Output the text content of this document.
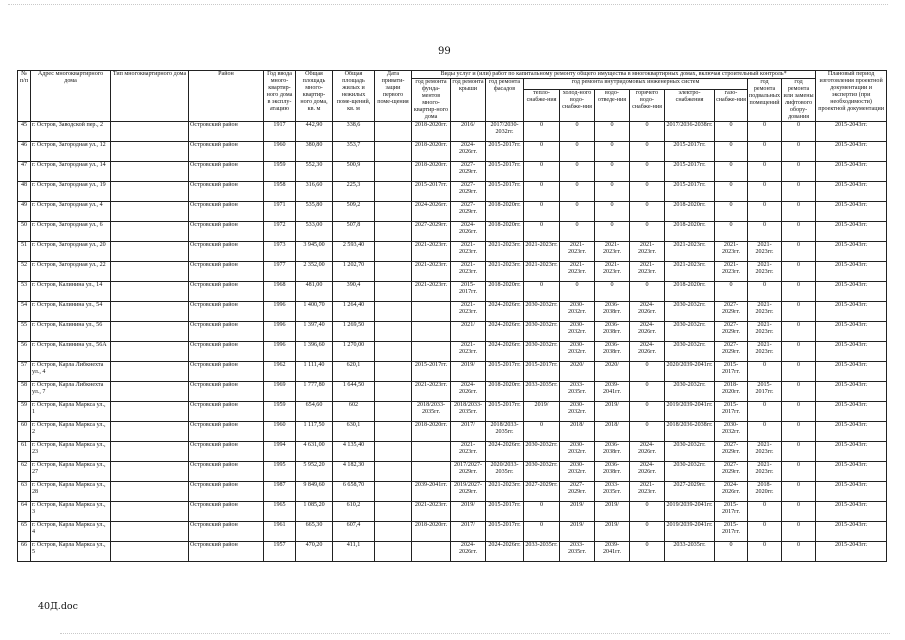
99
№ п/п	Адрес многоквартирного дома	Тип многоквартирного дома	Район	Год ввода много-квартир-ного дома в эксплу-атацию	Общая площадь много-квартир-ного дома, кв. м	Общая площадь жилых и нежилых поме-щений, кв. м	Дата привати-зации первого поме-щения	Виды услуг и (или) работ по капитальному ремонту общего имущества в многоквартирных домах, включая строительный контроль*											Плановый период изготовления проектной документации и экспертиз (при необходимости) проектной документации
								год ремонта фунда-ментов много-квартир-ного дома	год ремонта крыши	год ремонта фасадов	год ремонта внутридомовых инженерных систем						год ремонта подвальных помещений	год ремонта или замены лифтового обору-дования	
											тепло-снабже-ния	холод-ного водо-снабже-ния	водо-отведе-ния	горячего водо-снабже-ния	электро-снабжения	газо-снабже-ния			
45	г. Остров, Заводской пер., 2		Островский район	1917	442,90	338,6		2018-2020гг.	2016/	2017/2030-2032гг.	0	0	0	0	2017/2036-2038гг.	0	0	0	2015-2043гг.
46	г. Остров, Загородная ул., 12		Островский район	1960	380,80	353,7		2018-2020гг.	2024-2026гг.	2015-2017гг.	0	0	0	0	2015-2017гг.	0	0	0	2015-2043гг.
47	г. Остров, Загородная ул., 14		Островский район	1959	552,30	500,9		2018-2020гг.	2027-2029гг.	2015-2017гг.	0	0	0	0	2015-2017гг.	0	0	0	2015-2043гг.
48	г. Остров, Загородная ул., 19		Островский район	1958	316,60	225,3		2015-2017гг.	2027-2029гг.	2015-2017гг.	0	0	0	0	2015-2017гг.	0	0	0	2015-2043гг.
49	г. Остров, Загородная ул., 4		Островский район	1971	535,80	509,2		2024-2026гг.	2027-2029гг.	2018-2020гг.	0	0	0	0	2018-2020гг.	0	0	0	2015-2043гг.
50	г. Остров, Загородная ул., 6		Островский район	1972	533,00	507,8		2027-2029гг.	2024-2026гг.	2018-2020гг.	0	0	0	0	2018-2020гг.	0	0	0	2015-2043гг.
51	г. Остров, Загородная ул., 20		Островский район	1973	3 945,00	2 593,40		2021-2023гг.	2021-2023гг.	2021-2023гг.	2021-2023гг.	2021-2023гг.	2021-2023гг.	2021-2023гг.	2021-2023гг.	2021-2023гг.	2021-2023гг.	0	2015-2043гг.
52	г. Остров, Загородная ул., 22		Островский район	1977	2 352,00	1 202,70		2021-2023гг.	2021-2023гг.	2021-2023гг.	2021-2023гг.	2021-2023гг.	2021-2023гг.	2021-2023гг.	2021-2023гг.	2021-2023гг.	2021-2023гг.	0	2015-2043гг.
53	г. Остров, Калинина ул., 14		Островский район	1968	481,00	390,4		2021-2023гг.	2015-2017гг.	2018-2020гг.	0	0	0	0	2018-2020гг.	0	0	0	2015-2043гг.
54	г. Остров, Калинина ул., 54		Островский район	1996	1 400,70	1 264,40			2021-2023гг.	2024-2026гг.	2030-2032гг.	2030-2032гг.	2036-2038гг.	2024-2026гг.	2030-2032гг.	2027-2029гг.	2021-2023гг.	0	2015-2043гг.
55	г. Остров, Калинина ул., 56		Островский район	1996	1 397,40	1 269,50			2021/	2024-2026гг.	2030-2032гг.	2030-2032гг.	2036-2038гг.	2024-2026гг.	2030-2032гг.	2027-2029гг.	2021-2023гг.	0	2015-2043гг.
56	г. Остров, Калинина ул., 56А		Островский район	1996	1 396,60	1 270,00			2021-2023гг.	2024-2026гг.	2030-2032гг.	2030-2032гг.	2036-2038гг.	2024-2026гг.	2030-2032гг.	2027-2029гг.	2021-2023гг.	0	2015-2043гг.
57	г. Остров, Карла Либкнехта ул., 4		Островский район	1962	1 111,40	620,1		2015-2017гг.	2019/	2015-2017гг.	2015-2017гг.	2020/	2020/	0	2020/2039-2041гг.	2015-2017гг.	0	0	2015-2043гг.
58	г. Остров, Карла Либкнехта ул., 7		Островский район	1969	1 777,80	1 644,50		2021-2023гг.	2024-2026гг.	2018-2020гг.	2033-2035гг.	2033-2035гг.	2039-2041гг.	0	2030-2032гг.	2018-2020гг.	2015-2017гг.	0	2015-2043гг.
59	г. Остров, Карла Маркса ул., 1		Островский район	1959	654,60	602		2018/2033-2035гг.	2018/2033-2035гг.	2015-2017гг.	2019/	2030-2032гг.	2019/	0	2019/2039-2041гг.	2015-2017гг.	0	0	2015-2043гг.
60	г. Остров, Карла Маркса ул., 2		Островский район	1960	1 117,50	630,1		2018-2020гг.	2017/	2018/2033-2035гг.	0	2018/	2018/	0	2018/2036-2038гг.	2030-2032гг.	0	0	2015-2043гг.
61	г. Остров, Карла Маркса ул., 23		Островский район	1994	4 631,00	4 135,40			2021-2023гг.	2024-2026гг.	2030-2032гг.	2030-2032гг.	2036-2038гг.	2024-2026гг.	2030-2032гг.	2027-2029гг.	2021-2023гг.	0	2015-2043гг.
62	г. Остров, Карла Маркса ул., 27		Островский район	1995	5 952,20	4 182,30			2017/2027-2029гг.	2020/2033-2035гг.	2030-2032гг.	2030-2032гг.	2036-2038гг.	2024-2026гг.	2030-2032гг.	2027-2029гг.	2021-2023гг.	0	2015-2043гг.
63	г. Остров, Карла Маркса ул., 28		Островский район	1987	9 849,60	6 658,70		2039-2041гг.	2019/2027-2029гг.	2021-2023гг.	2027-2029гг.	2027-2029гг.	2033-2035гг.	2021-2023гг.	2027-2029гг.	2024-2026гг.	2018-2020гг.	0	2015-2043гг.
64	г. Остров, Карла Маркса ул., 3		Островский район	1965	1 085,20	610,2		2021-2023гг.	2019/	2015-2017гг.	0	2019/	2019/	0	2019/2039-2041гг.	2015-2017гг.	0	0	2015-2043гг.
65	г. Остров, Карла Маркса ул., 4		Островский район	1961	665,30	607,4		2018-2020гг.	2017/	2015-2017гг.	0	2019/	2019/	0	2019/2039-2041гг.	2015-2017гг.	0	0	2015-2043гг.
66	г. Остров, Карла Маркса ул., 5		Островский район	1957	470,20	411,1			2024-2026гг.	2024-2026гг.	2033-2035гг.	2033-2035гг.	2039-2041гг.	0	2033-2035гг.	0	0	0	2015-2043гг.
40Д.doc
